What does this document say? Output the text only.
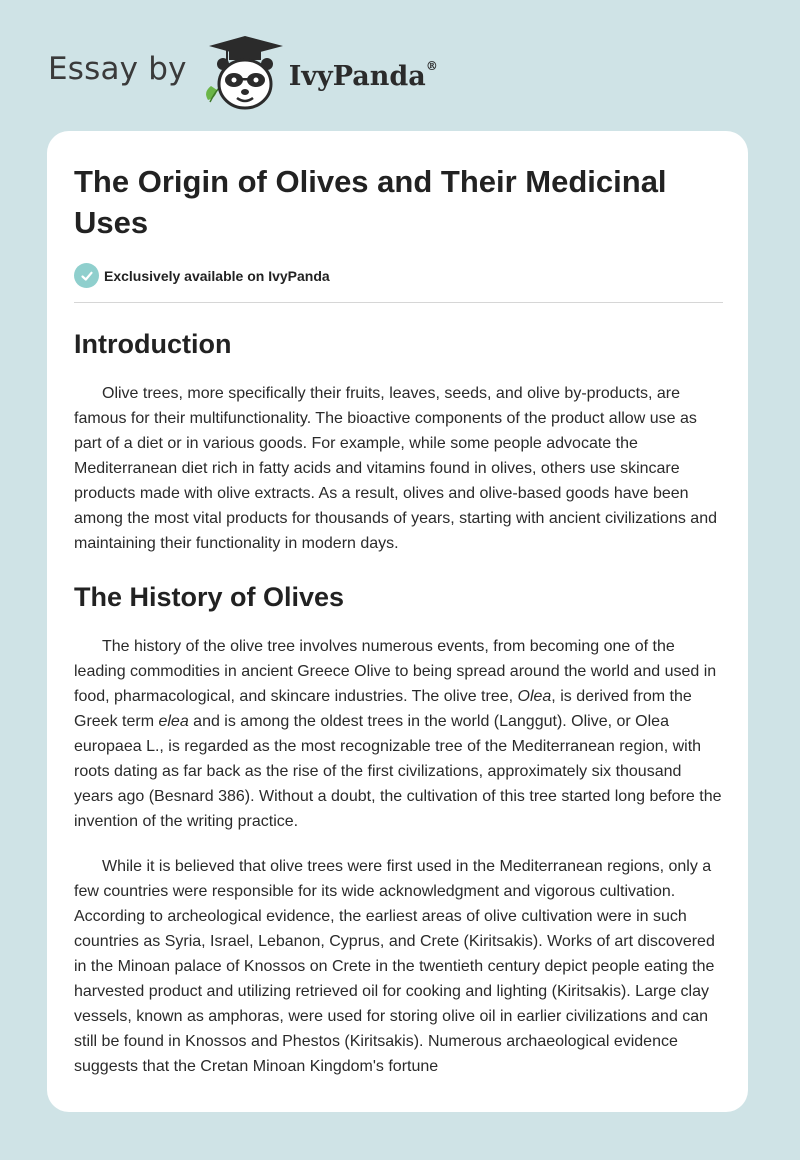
Essay by	IvyPanda®
The Origin of Olives and Their Medicinal Uses
Exclusively available on IvyPanda
Introduction

Olive trees, more specifically their fruits, leaves, seeds, and olive by-products, are famous for their multifunctionality. The bioactive components of the product allow use as part of a diet or in various goods. For example, while some people advocate the Mediterranean diet rich in fatty acids and vitamins found in olives, others use skincare products made with olive extracts. As a result, olives and olive-based goods have been among the most vital products for thousands of years, starting with ancient civilizations and maintaining their functionality in modern days.

The History of Olives

The history of the olive tree involves numerous events, from becoming one of the leading commodities in ancient Greece Olive to being spread around the world and used in food, pharmacological, and skincare industries. The olive tree, Olea, is derived from the Greek term elea and is among the oldest trees in the world (Langgut). Olive, or Olea europaea L., is regarded as the most recognizable tree of the Mediterranean region, with roots dating as far back as the rise of the first civilizations, approximately six thousand years ago (Besnard 386). Without a doubt, the cultivation of this tree started long before the invention of the writing practice.

While it is believed that olive trees were first used in the Mediterranean regions, only a few countries were responsible for its wide acknowledgment and vigorous cultivation. According to archeological evidence, the earliest areas of olive cultivation were in such countries as Syria, Israel, Lebanon, Cyprus, and Crete (Kiritsakis). Works of art discovered in the Minoan palace of Knossos on Crete in the twentieth century depict people eating the harvested product and utilizing retrieved oil for cooking and lighting (Kiritsakis). Large clay vessels, known as amphoras, were used for storing olive oil in earlier civilizations and can still be found in Knossos and Phestos (Kiritsakis). Numerous archaeological evidence suggests that the Cretan Minoan Kingdom's fortune
